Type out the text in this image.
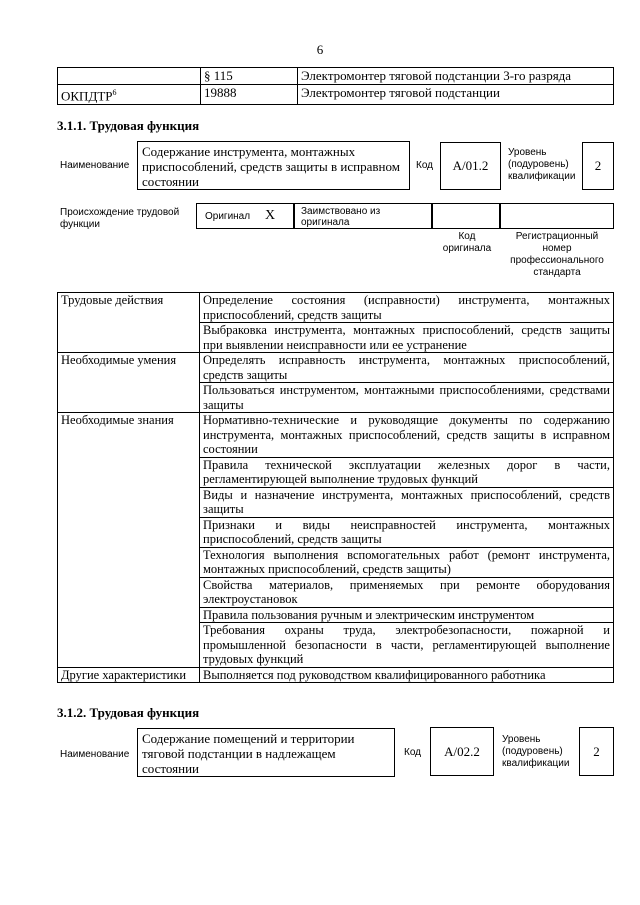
6
	§ 115	Электромонтер тяговой подстанции 3-го разряда
ОКПДТР$^6$	19888	Электромонтер тяговой подстанции
3.1.1. Трудовая функция
Наименование
Содержание инструмента, монтажных приспособлений, средств защиты в исправном состоянии
Код	А/01.2
Уровень (подуровень) квалификации
2
Происхождение трудовой функции
Оригинал Х	Заимствовано из оригинала
Код оригинала
Регистрационный номер профессионального стандарта
Трудовые действия	Определение состояния (исправности) инструмента, монтажных приспособлений, средств защиты
	Выбраковка инструмента, монтажных приспособлений, средств защиты при выявлении неисправности или ее устранение
Необходимые умения	Определять исправность инструмента, монтажных приспособлений, средств защиты
	Пользоваться инструментом, монтажными приспособлениями, средствами защиты
Необходимые знания	Нормативно-технические и руководящие документы по содержанию инструмента, монтажных приспособлений, средств защиты в исправном состоянии
	Правила технической эксплуатации железных дорог в части, регламентирующей выполнение трудовых функций
	Виды и назначение инструмента, монтажных приспособлений, средств защиты
	Признаки и виды неисправностей инструмента, монтажных приспособлений, средств защиты
	Технология выполнения вспомогательных работ (ремонт инструмента, монтажных приспособлений, средств защиты)
	Свойства материалов, применяемых при ремонте оборудования электроустановок
	Правила пользования ручным и электрическим инструментом
	Требования охраны труда, электробезопасности, пожарной и промышленной безопасности в части, регламентирующей выполнение трудовых функций
Другие характеристики	Выполняется под руководством квалифицированного работника
3.1.2. Трудовая функция
Наименование
Содержание помещений и территории тяговой подстанции в надлежащем состоянии
Код	А/02.2
Уровень (подуровень) квалификации
2
